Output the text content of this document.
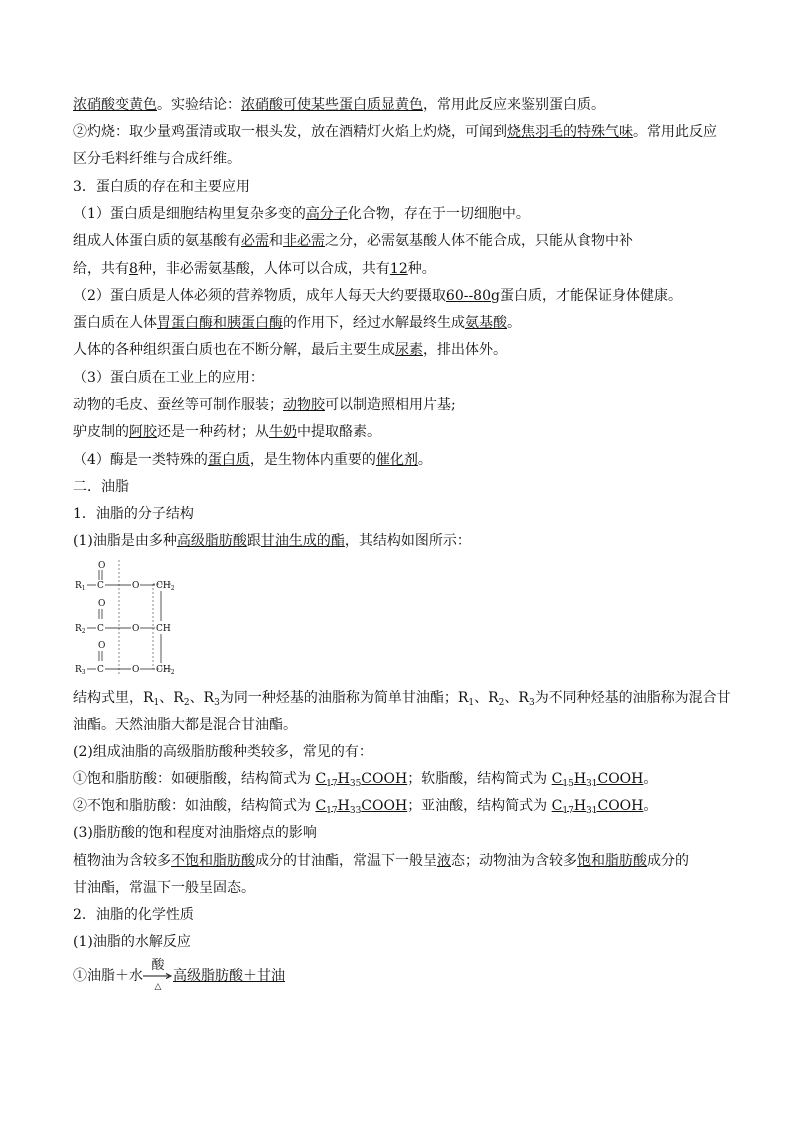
浓硝酸变黄色。实验结论：浓硝酸可使某些蛋白质显黄色，常用此反应来鉴别蛋白质。
②灼烧：取少量鸡蛋清或取一根头发，放在酒精灯火焰上灼烧，可闻到烧焦羽毛的特殊气味。常用此反应
区分毛料纤维与合成纤维。
3．蛋白质的存在和主要应用
（1）蛋白质是细胞结构里复杂多变的高分子化合物，存在于一切细胞中。
组成人体蛋白质的氨基酸有必需和非必需之分，必需氨基酸人体不能合成，只能从食物中补
给，共有8种，非必需氨基酸，人体可以合成，共有12种。
（2）蛋白质是人体必须的营养物质，成年人每天大约要摄取60--80g蛋白质，才能保证身体健康。
蛋白质在人体胃蛋白酶和胰蛋白酶的作用下，经过水解最终生成氨基酸。
人体的各种组织蛋白质也在不断分解，最后主要生成尿素，排出体外。
（3）蛋白质在工业上的应用：
动物的毛皮、蚕丝等可制作服装；动物胶可以制造照相用片基;
驴皮制的阿胶还是一种药材；从牛奶中提取酪素。
（4）酶是一类特殊的蛋白质，是生物体内重要的催化剂。
二．油脂
1．油脂的分子结构
(1)油脂是由多种高级脂肪酸跟甘油生成的酯，其结构如图所示：
O
$R_1$ C	O $CH_2$
O
$R_2$ C	O CH
O
$R_3$ C	O $CH_2$
结构式里，$R_1$、$R_2$、$R_3$为同一种烃基的油脂称为简单甘油酯；$R_1$、$R_2$、$R_3$为不同种烃基的油脂称为混合甘
油酯。天然油脂大都是混合甘油酯。
(2)组成油脂的高级脂肪酸种类较多，常见的有：
①饱和脂肪酸：如硬脂酸，结构简式为 $C_{17}H_{35}COOH$；软脂酸，结构简式为 $C_{15}H_{31}COOH$。
②不饱和脂肪酸：如油酸，结构简式为 $C_{17}H_{33}COOH$；亚油酸，结构简式为 $C_{17}H_{31}COOH$。
(3)脂肪酸的饱和程度对油脂熔点的影响
植物油为含较多不饱和脂肪酸成分的甘油酯，常温下一般呈液态；动物油为含较多饱和脂肪酸成分的
甘油酯，常温下一般呈固态。
2．油脂的化学性质
(1)油脂的水解反应
①油脂＋水
酸
△
高级脂肪酸＋甘油
